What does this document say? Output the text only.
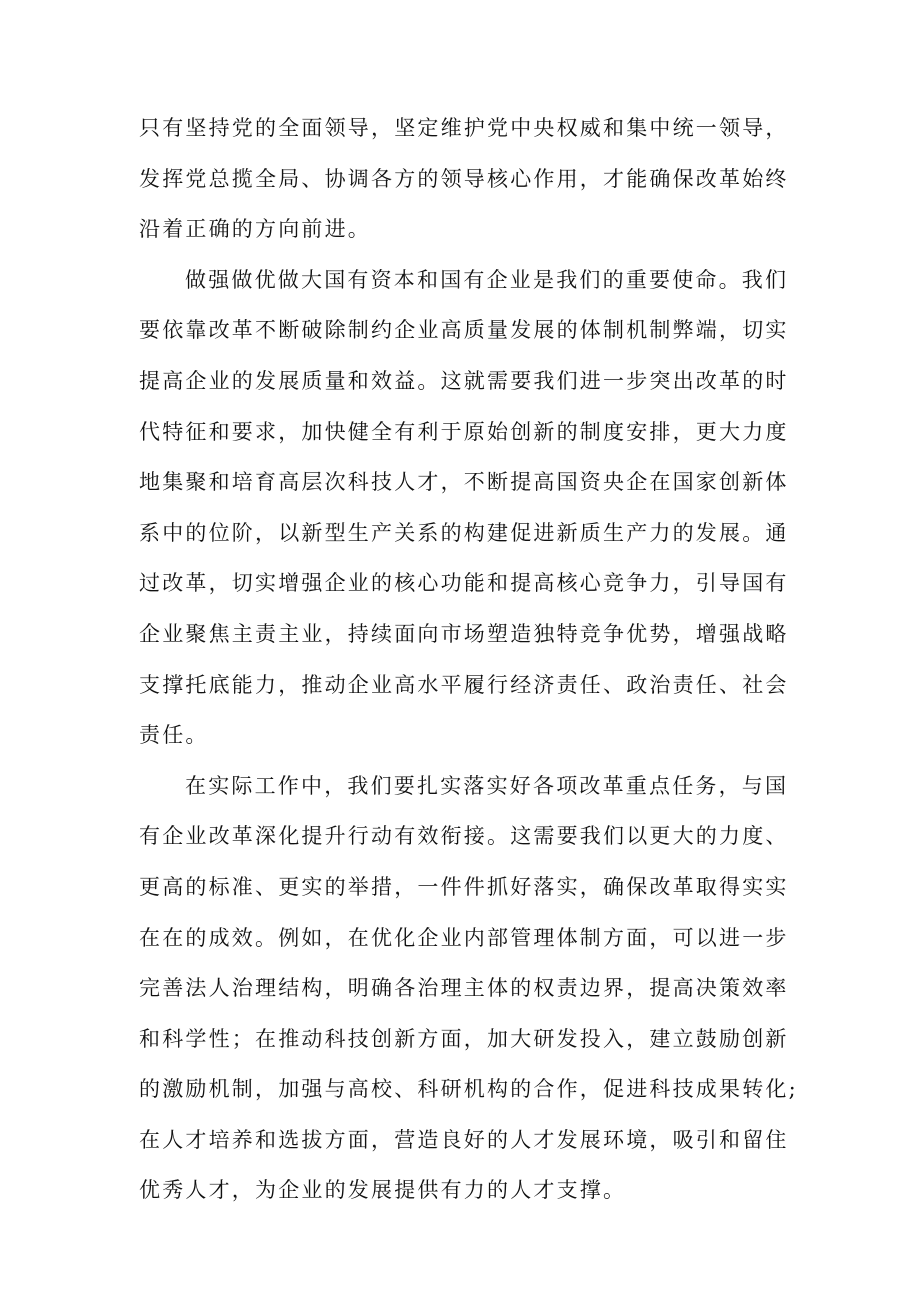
只有坚持党的全面领导，坚定维护党中央权威和集中统一领导，
发挥党总揽全局、协调各方的领导核心作用，才能确保改革始终
沿着正确的方向前进。
做强做优做大国有资本和国有企业是我们的重要使命。我们
要依靠改革不断破除制约企业高质量发展的体制机制弊端，切实
提高企业的发展质量和效益。这就需要我们进一步突出改革的时
代特征和要求，加快健全有利于原始创新的制度安排，更大力度
地集聚和培育高层次科技人才，不断提高国资央企在国家创新体
系中的位阶，以新型生产关系的构建促进新质生产力的发展。通
过改革，切实增强企业的核心功能和提高核心竞争力，引导国有
企业聚焦主责主业，持续面向市场塑造独特竞争优势，增强战略
支撑托底能力，推动企业高水平履行经济责任、政治责任、社会
责任。
在实际工作中，我们要扎实落实好各项改革重点任务，与国
有企业改革深化提升行动有效衔接。这需要我们以更大的力度、
更高的标准、更实的举措，一件件抓好落实，确保改革取得实实
在在的成效。例如，在优化企业内部管理体制方面，可以进一步
完善法人治理结构，明确各治理主体的权责边界，提高决策效率
和科学性；在推动科技创新方面，加大研发投入，建立鼓励创新
的激励机制，加强与高校、科研机构的合作，促进科技成果转化;
在人才培养和选拔方面，营造良好的人才发展环境，吸引和留住
优秀人才，为企业的发展提供有力的人才支撑。
